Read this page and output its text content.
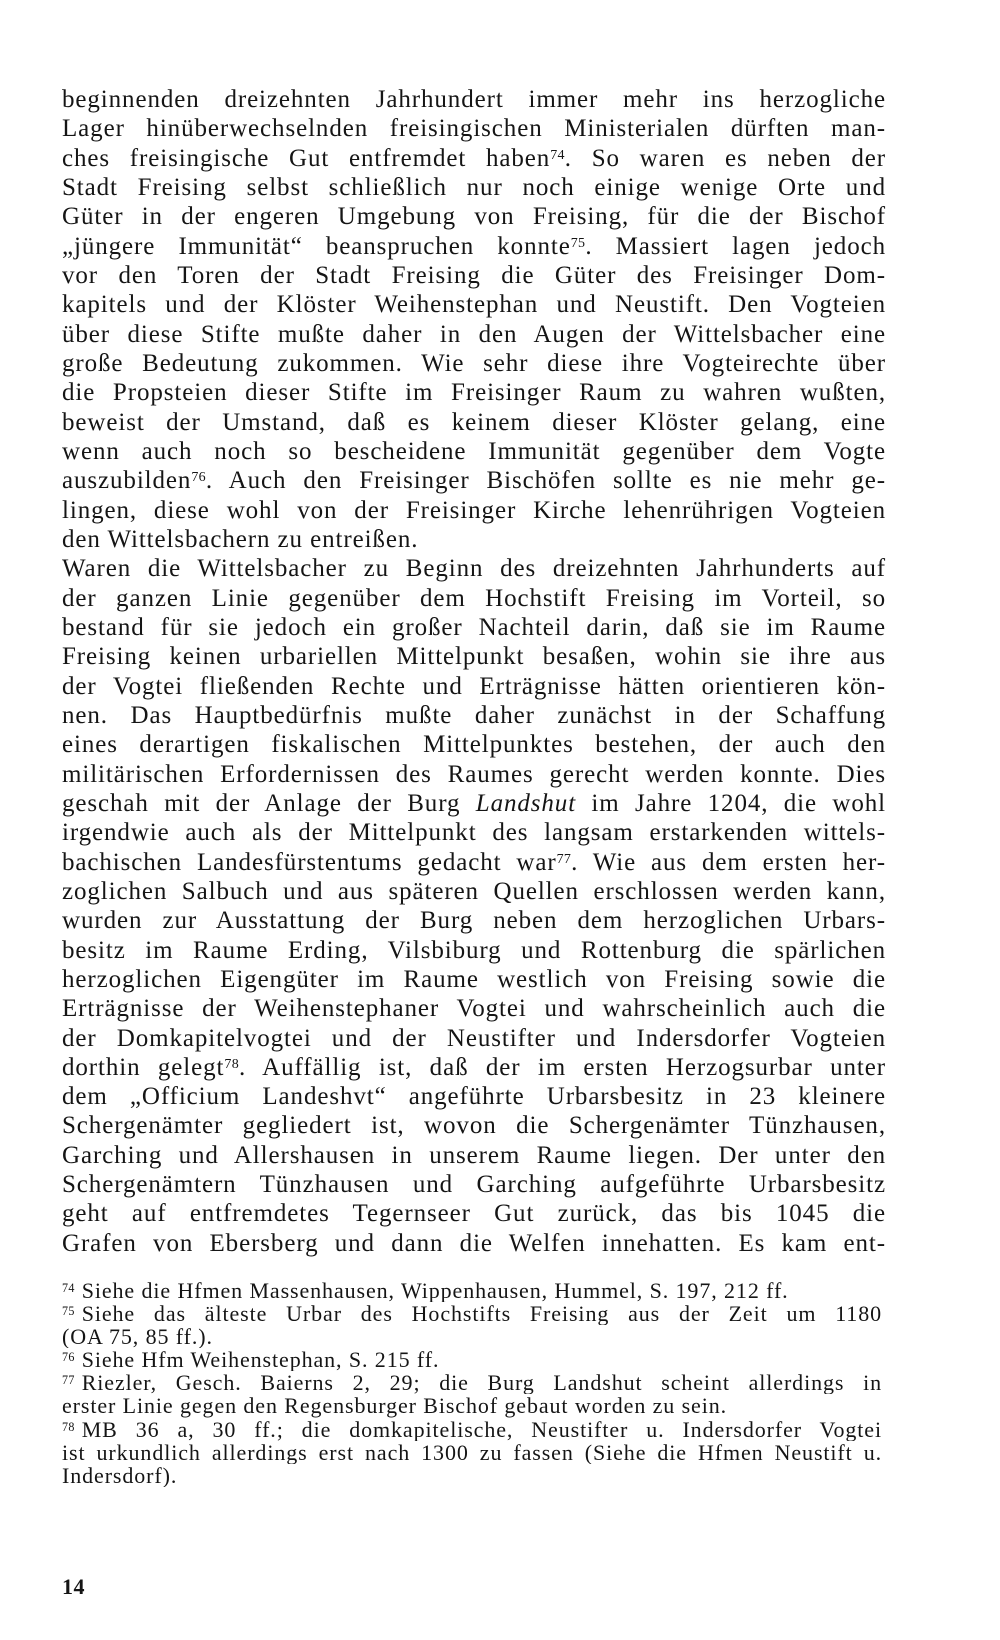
beginnenden dreizehnten Jahrhundert immer mehr ins herzogliche
Lager hinüberwechselnden freisingischen Ministerialen dürften man-
ches freisingische Gut entfremdet haben$^{74}$. So waren es neben der
Stadt Freising selbst schließlich nur noch einige wenige Orte und
Güter in der engeren Umgebung von Freising, für die der Bischof
„jüngere Immunität“ beanspruchen konnte$^{75}$. Massiert lagen jedoch
vor den Toren der Stadt Freising die Güter des Freisinger Dom-
kapitels und der Klöster Weihenstephan und Neustift. Den Vogteien
über diese Stifte mußte daher in den Augen der Wittelsbacher eine
große Bedeutung zukommen. Wie sehr diese ihre Vogteirechte über
die Propsteien dieser Stifte im Freisinger Raum zu wahren wußten,
beweist der Umstand, daß es keinem dieser Klöster gelang, eine
wenn auch noch so bescheidene Immunität gegenüber dem Vogte
auszubilden$^{76}$. Auch den Freisinger Bischöfen sollte es nie mehr ge-
lingen, diese wohl von der Freisinger Kirche lehenrührigen Vogteien
den Wittelsbachern zu entreißen.
Waren die Wittelsbacher zu Beginn des dreizehnten Jahrhunderts auf
der ganzen Linie gegenüber dem Hochstift Freising im Vorteil, so
bestand für sie jedoch ein großer Nachteil darin, daß sie im Raume
Freising keinen urbariellen Mittelpunkt besaßen, wohin sie ihre aus
der Vogtei fließenden Rechte und Erträgnisse hätten orientieren kön-
nen. Das Hauptbedürfnis mußte daher zunächst in der Schaffung
eines derartigen fiskalischen Mittelpunktes bestehen, der auch den
militärischen Erfordernissen des Raumes gerecht werden konnte. Dies
geschah mit der Anlage der Burg Landshut im Jahre 1204, die wohl
irgendwie auch als der Mittelpunkt des langsam erstarkenden wittels-
bachischen Landesfürstentums gedacht war$^{77}$. Wie aus dem ersten her-
zoglichen Salbuch und aus späteren Quellen erschlossen werden kann,
wurden zur Ausstattung der Burg neben dem herzoglichen Urbars-
besitz im Raume Erding, Vilsbiburg und Rottenburg die spärlichen
herzoglichen Eigengüter im Raume westlich von Freising sowie die
Erträgnisse der Weihenstephaner Vogtei und wahrscheinlich auch die
der Domkapitelvogtei und der Neustifter und Indersdorfer Vogteien
dorthin gelegt$^{78}$. Auffällig ist, daß der im ersten Herzogsurbar unter
dem „Officium Landeshvt“ angeführte Urbarsbesitz in 23 kleinere
Schergenämter gegliedert ist, wovon die Schergenämter Tünzhausen,
Garching und Allershausen in unserem Raume liegen. Der unter den
Schergenämtern Tünzhausen und Garching aufgeführte Urbarsbesitz
geht auf entfremdetes Tegernseer Gut zurück, das bis 1045 die
Grafen von Ebersberg und dann die Welfen innehatten. Es kam ent-
$^{74}$ Siehe die Hfmen Massenhausen, Wippenhausen, Hummel, S. 197, 212 ff.
$^{75}$ Siehe das älteste Urbar des Hochstifts Freising aus der Zeit um 1180
(OA 75, 85 ff.).
$^{76}$ Siehe Hfm Weihenstephan, S. 215 ff.
$^{77}$ Riezler, Gesch. Baierns 2, 29; die Burg Landshut scheint allerdings in
erster Linie gegen den Regensburger Bischof gebaut worden zu sein.
$^{78}$ MB 36 a, 30 ff.; die domkapitelische, Neustifter u. Indersdorfer Vogtei
ist urkundlich allerdings erst nach 1300 zu fassen (Siehe die Hfmen Neustift u.
Indersdorf).
14
